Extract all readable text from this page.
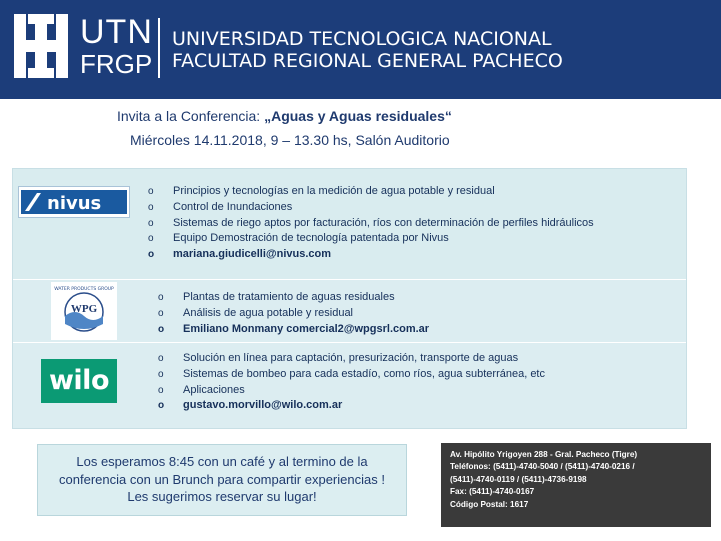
UTN
FRGP
UNIVERSIDAD TECNOLOGICA NACIONAL
FACULTAD REGIONAL GENERAL PACHECO
Invita a la Conferencia: „Aguas y Aguas residuales“
Miércoles 14.11.2018, 9 – 13.30 hs, Salón Auditorio
nivus
o Principios y tecnologías en la medición de agua potable y residual
o Control de Inundaciones
o Sistemas de riego aptos por facturación, ríos con determinación de perfiles hidráulicos
o Equipo Demostración de tecnología patentada por Nivus
o mariana.giudicelli@nivus.com
WATER PRODUCTS GROUP
WPG
o Plantas de tratamiento de aguas residuales
o Análisis de agua potable y residual
o Emiliano Monmany comercial2@wpgsrl.com.ar
wilo
o Solución en línea para captación, presurización, transporte de aguas
o Sistemas de bombeo para cada estadío, como ríos, agua subterránea, etc
o Aplicaciones
o gustavo.morvillo@wilo.com.ar
Los esperamos 8:45 con un café y al termino de la
conferencia con un Brunch para compartir experiencias !
Les sugerimos reservar su lugar!
Av. Hipólito Yrigoyen 288 - Gral. Pacheco (Tigre)
Teléfonos: (5411)-4740-5040 / (5411)-4740-0216 /
(5411)-4740-0119 / (5411)-4736-9198
Fax: (5411)-4740-0167
Código Postal: 1617
